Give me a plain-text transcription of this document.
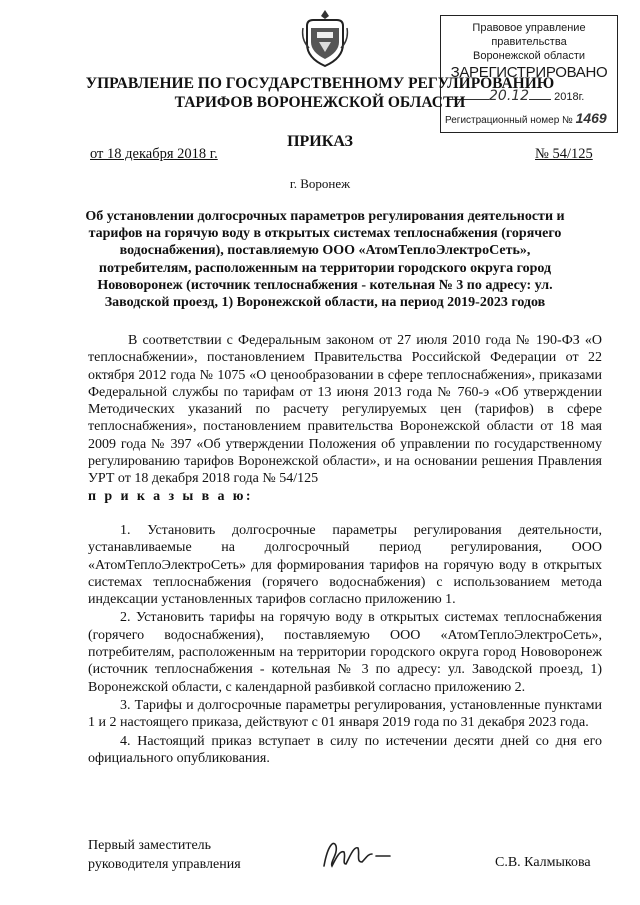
Правовое управление правительства
Воронежской области
ЗАРЕГИСТРИРОВАНО
20.12 2018г.
Регистрационный номер № 1469
УПРАВЛЕНИЕ ПО ГОСУДАРСТВЕННОМУ РЕГУЛИРОВАНИЮ
ТАРИФОВ ВОРОНЕЖСКОЙ ОБЛАСТИ
ПРИКАЗ
от 18 декабря 2018 г.	№ 54/125
г. Воронеж
Об установлении долгосрочных параметров регулирования деятельности и тарифов на горячую воду в открытых системах теплоснабжения (горячего водоснабжения), поставляемую ООО «АтомТеплоЭлектроСеть», потребителям, расположенным на территории городского округа город Нововоронеж (источник теплоснабжения - котельная № 3 по адресу: ул. Заводской проезд, 1) Воронежской области, на период 2019-2023 годов
В соответствии с Федеральным законом от 27 июля 2010 года № 190-ФЗ «О теплоснабжении», постановлением Правительства Российской Федерации от 22 октября 2012 года № 1075 «О ценообразовании в сфере теплоснабжения», приказами Федеральной службы по тарифам от 13 июня 2013 года № 760-э «Об утверждении Методических указаний по расчету регулируемых цен (тарифов) в сфере теплоснабжения», постановлением правительства Воронежской области от 18 мая 2009 года № 397 «Об утверждении Положения об управлении по государственному регулированию тарифов Воронежской области», и на основании решения Правления УРТ от 18 декабря 2018 года № 54/125
п р и к а з ы в а ю:

1. Установить долгосрочные параметры регулирования деятельности, устанавливаемые на долгосрочный период регулирования, ООО «АтомТеплоЭлектроСеть» для формирования тарифов на горячую воду в открытых системах теплоснабжения (горячего водоснабжения) с использованием метода индексации установленных тарифов согласно приложению 1.

2. Установить тарифы на горячую воду в открытых системах теплоснабжения (горячего водоснабжения), поставляемую ООО «АтомТеплоЭлектроСеть», потребителям, расположенным на территории городского округа город Нововоронеж (источник теплоснабжения - котельная № 3 по адресу: ул. Заводской проезд, 1) Воронежской области, с календарной разбивкой согласно приложению 2.

3. Тарифы и долгосрочные параметры регулирования, установленные пунктами 1 и 2 настоящего приказа, действуют с 01 января 2019 года по 31 декабря 2023 года.

4. Настоящий приказ вступает в силу по истечении десяти дней со дня его официального опубликования.

Первый заместитель
руководителя управления	С.В. Калмыкова
